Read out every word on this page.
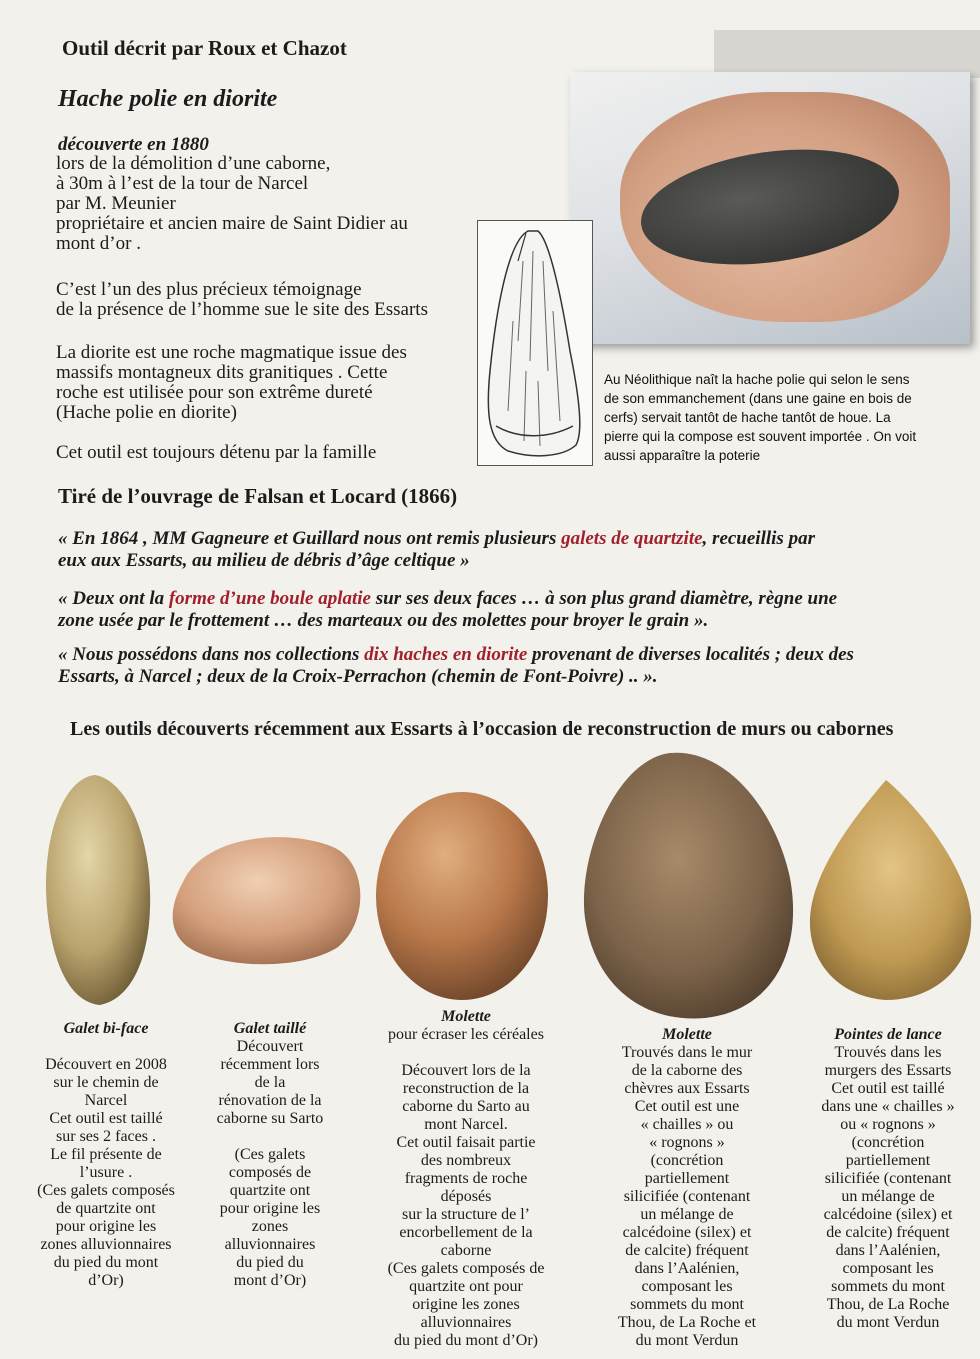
Outil décrit par Roux et Chazot
Hache polie en diorite
découverte en 1880
lors de la démolition d’une caborne,
à 30m à l’est de la tour de Narcel
par M. Meunier
propriétaire et ancien maire de Saint Didier au
mont d’or .
C’est l’un des plus précieux témoignage
de la présence de l’homme sue le site des Essarts
La diorite est une roche magmatique issue des
massifs montagneux dits granitiques . Cette
roche est utilisée pour son extrême dureté
(Hache polie en diorite)
Cet outil est toujours détenu par la famille
Au Néolithique naît la hache polie qui selon le sens
de son emmanchement (dans une gaine en bois de
cerfs) servait tantôt de hache tantôt de houe. La
pierre qui la compose est souvent importée . On voit
aussi apparaître la poterie
Tiré de l’ouvrage de Falsan et Locard (1866)
« En 1864 , MM Gagneure et Guillard nous ont remis plusieurs galets de quartzite, recueillis par
eux aux Essarts, au milieu de débris d’âge celtique »
« Deux ont la forme d’une boule aplatie sur ses deux faces … à son plus grand diamètre, règne une
zone usée par le frottement … des marteaux ou des molettes pour broyer le grain ».
« Nous possédons dans nos collections dix haches en diorite provenant de diverses localités ; deux des
Essarts, à Narcel ; deux de la Croix-Perrachon (chemin de Font-Poivre) .. ».
Les outils découverts récemment aux Essarts à l’occasion de reconstruction de murs ou cabornes
Galet bi-face

Découvert en 2008
sur le chemin de
Narcel
Cet outil est taillé
sur ses 2 faces .
Le fil présente de
l’usure .
(Ces galets composés
de quartzite ont
pour origine les
zones alluvionnaires
du pied du mont
d’Or)
Galet taillé
Découvert
récemment lors
de la
rénovation de la
caborne su Sarto

(Ces galets
composés de
quartzite ont
pour origine les
zones
alluvionnaires
du pied du
mont d’Or)
Molette
pour écraser les céréales

Découvert lors de la
reconstruction de la
caborne du Sarto au
mont Narcel.
Cet outil faisait partie
des nombreux
fragments de roche
déposés
sur la structure de l’
encorbellement de la
caborne
(Ces galets composés de
quartzite ont pour
origine les zones
alluvionnaires
du pied du mont d’Or)
Molette
Trouvés dans le mur
de la caborne des
chèvres aux Essarts
Cet outil est une
« chailles » ou
« rognons »
(concrétion
partiellement
silicifiée (contenant
un mélange de
calcédoine (silex) et
de calcite) fréquent
dans l’Aalénien,
composant les
sommets du mont
Thou, de La Roche et
du mont Verdun
Pointes de lance
Trouvés dans les
murgers des Essarts
Cet outil est taillé
dans une « chailles »
ou « rognons »
(concrétion
partiellement
silicifiée (contenant
un mélange de
calcédoine (silex) et
de calcite) fréquent
dans l’Aalénien,
composant les
sommets du mont
Thou, de La Roche
du mont Verdun
